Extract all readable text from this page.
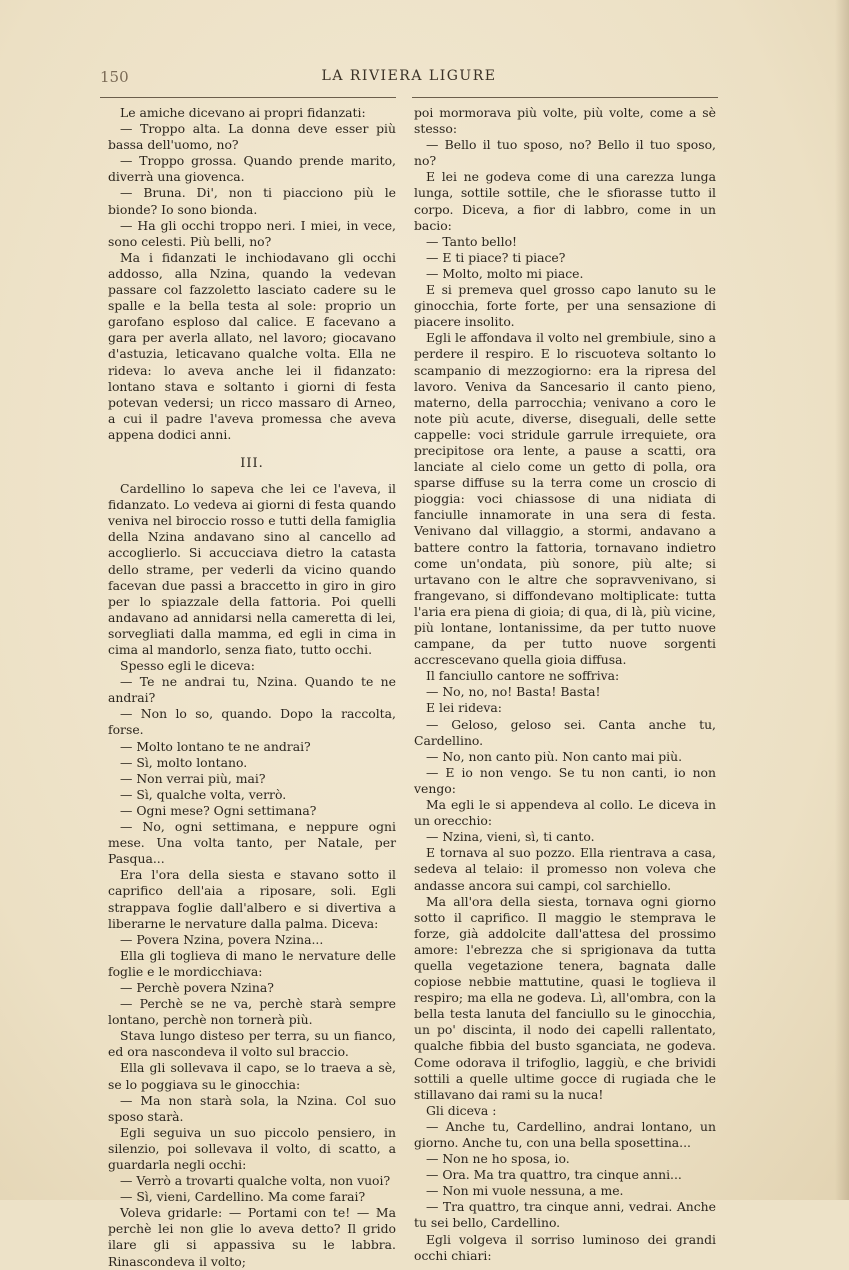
150	LA RIVIERA LIGURE

Le amiche dicevano ai propri fidanzati:

— Troppo alta. La donna deve esser più bassa dell'uomo, no?

— Troppo grossa. Quando prende marito, diverrà una giovenca.

— Bruna. Di', non ti piacciono più le bionde? Io sono bionda.

— Ha gli occhi troppo neri. I miei, in vece, sono celesti. Più belli, no?

Ma i fidanzati le inchiodavano gli occhi addosso, alla Nzina, quando la vedevan passare col fazzoletto lasciato cadere su le spalle e la bella testa al sole: proprio un garofano esploso dal calice. E facevano a gara per averla allato, nel lavoro; giocavano d'astuzia, leticavano qualche volta. Ella ne rideva: lo aveva anche lei il fidanzato: lontano stava e soltanto i giorni di festa potevan vedersi; un ricco massaro di Arneo, a cui il padre l'aveva promessa che aveva appena dodici anni.

III.

Cardellino lo sapeva che lei ce l'aveva, il fidanzato. Lo vedeva ai giorni di festa quando veniva nel biroccio rosso e tutti della famiglia della Nzina andavano sino al cancello ad accoglierlo. Si accucciava dietro la catasta dello strame, per vederli da vicino quando facevan due passi a braccetto in giro in giro per lo spiazzale della fattoria. Poi quelli andavano ad annidarsi nella cameretta di lei, sorvegliati dalla mamma, ed egli in cima in cima al mandorlo, senza fiato, tutto occhi.

Spesso egli le diceva:

— Te ne andrai tu, Nzina. Quando te ne andrai?

— Non lo so, quando. Dopo la raccolta, forse.

— Molto lontano te ne andrai?

— Sì, molto lontano.

— Non verrai più, mai?

— Sì, qualche volta, verrò.

— Ogni mese? Ogni settimana?

— No, ogni settimana, e neppure ogni mese. Una volta tanto, per Natale, per Pasqua...

Era l'ora della siesta e stavano sotto il caprifico dell'aia a riposare, soli. Egli strappava foglie dall'albero e si divertiva a liberarne le nervature dalla palma. Diceva:

— Povera Nzina, povera Nzina...

Ella gli toglieva di mano le nervature delle foglie e le mordicchiava:

— Perchè povera Nzina?

— Perchè se ne va, perchè starà sempre lontano, perchè non tornerà più.

Stava lungo disteso per terra, su un fianco, ed ora nascondeva il volto sul braccio.

Ella gli sollevava il capo, se lo traeva a sè, se lo poggiava su le ginocchia:

— Ma non starà sola, la Nzina. Col suo sposo starà.

Egli seguiva un suo piccolo pensiero, in silenzio, poi sollevava il volto, di scatto, a guardarla negli occhi:

— Verrò a trovarti qualche volta, non vuoi?

— Sì, vieni, Cardellino. Ma come farai?

Voleva gridarle: — Portami con te! — Ma perchè lei non glie lo aveva detto? Il grido ilare gli si appassiva su le labbra. Rinascondeva il volto;

poi mormorava più volte, più volte, come a sè stesso:

— Bello il tuo sposo, no? Bello il tuo sposo, no?

E lei ne godeva come di una carezza lunga lunga, sottile sottile, che le sfiorasse tutto il corpo. Diceva, a fior di labbro, come in un bacio:

— Tanto bello!

— E ti piace? ti piace?

— Molto, molto mi piace.

E si premeva quel grosso capo lanuto su le ginocchia, forte forte, per una sensazione di piacere insolito.

Egli le affondava il volto nel grembiule, sino a perdere il respiro. E lo riscuoteva soltanto lo scampanio di mezzogiorno: era la ripresa del lavoro. Veniva da Sancesario il canto pieno, materno, della parrocchia; venivano a coro le note più acute, diverse, diseguali, delle sette cappelle: voci stridule garrule irrequiete, ora precipitose ora lente, a pause a scatti, ora lanciate al cielo come un getto di polla, ora sparse diffuse su la terra come un croscio di pioggia: voci chiassose di una nidiata di fanciulle innamorate in una sera di festa. Venivano dal villaggio, a stormi, andavano a battere contro la fattoria, tornavano indietro come un'ondata, più sonore, più alte; si urtavano con le altre che sopravvenivano, si frangevano, si diffondevano moltiplicate: tutta l'aria era piena di gioia; di qua, di là, più vicine, più lontane, lontanissime, da per tutto nuove campane, da per tutto nuove sorgenti accrescevano quella gioia diffusa.

Il fanciullo cantore ne soffriva:

— No, no, no! Basta! Basta!

E lei rideva:

— Geloso, geloso sei. Canta anche tu, Cardellino.

— No, non canto più. Non canto mai più.

— E io non vengo. Se tu non canti, io non vengo:

Ma egli le si appendeva al collo. Le diceva in un orecchio:

— Nzina, vieni, sì, ti canto.

E tornava al suo pozzo. Ella rientrava a casa, sedeva al telaio: il promesso non voleva che andasse ancora sui campi, col sarchiello.

Ma all'ora della siesta, tornava ogni giorno sotto il caprifico. Il maggio le stemprava le forze, già addolcite dall'attesa del prossimo amore: l'ebrezza che si sprigionava da tutta quella vegetazione tenera, bagnata dalle copiose nebbie mattutine, quasi le toglieva il respiro; ma ella ne godeva. Lì, all'ombra, con la bella testa lanuta del fanciullo su le ginocchia, un po' discinta, il nodo dei capelli rallentato, qualche fibbia del busto sganciata, ne godeva. Come odorava il trifoglio, laggiù, e che brividi sottili a quelle ultime gocce di rugiada che le stillavano dai rami su la nuca!

Gli diceva :

— Anche tu, Cardellino, andrai lontano, un giorno. Anche tu, con una bella sposettina...

— Non ne ho sposa, io.

— Ora. Ma tra quattro, tra cinque anni...

— Non mi vuole nessuna, a me.

— Tra quattro, tra cinque anni, vedrai. Anche tu sei bello, Cardellino.

Egli volgeva il sorriso luminoso dei grandi occhi chiari:
